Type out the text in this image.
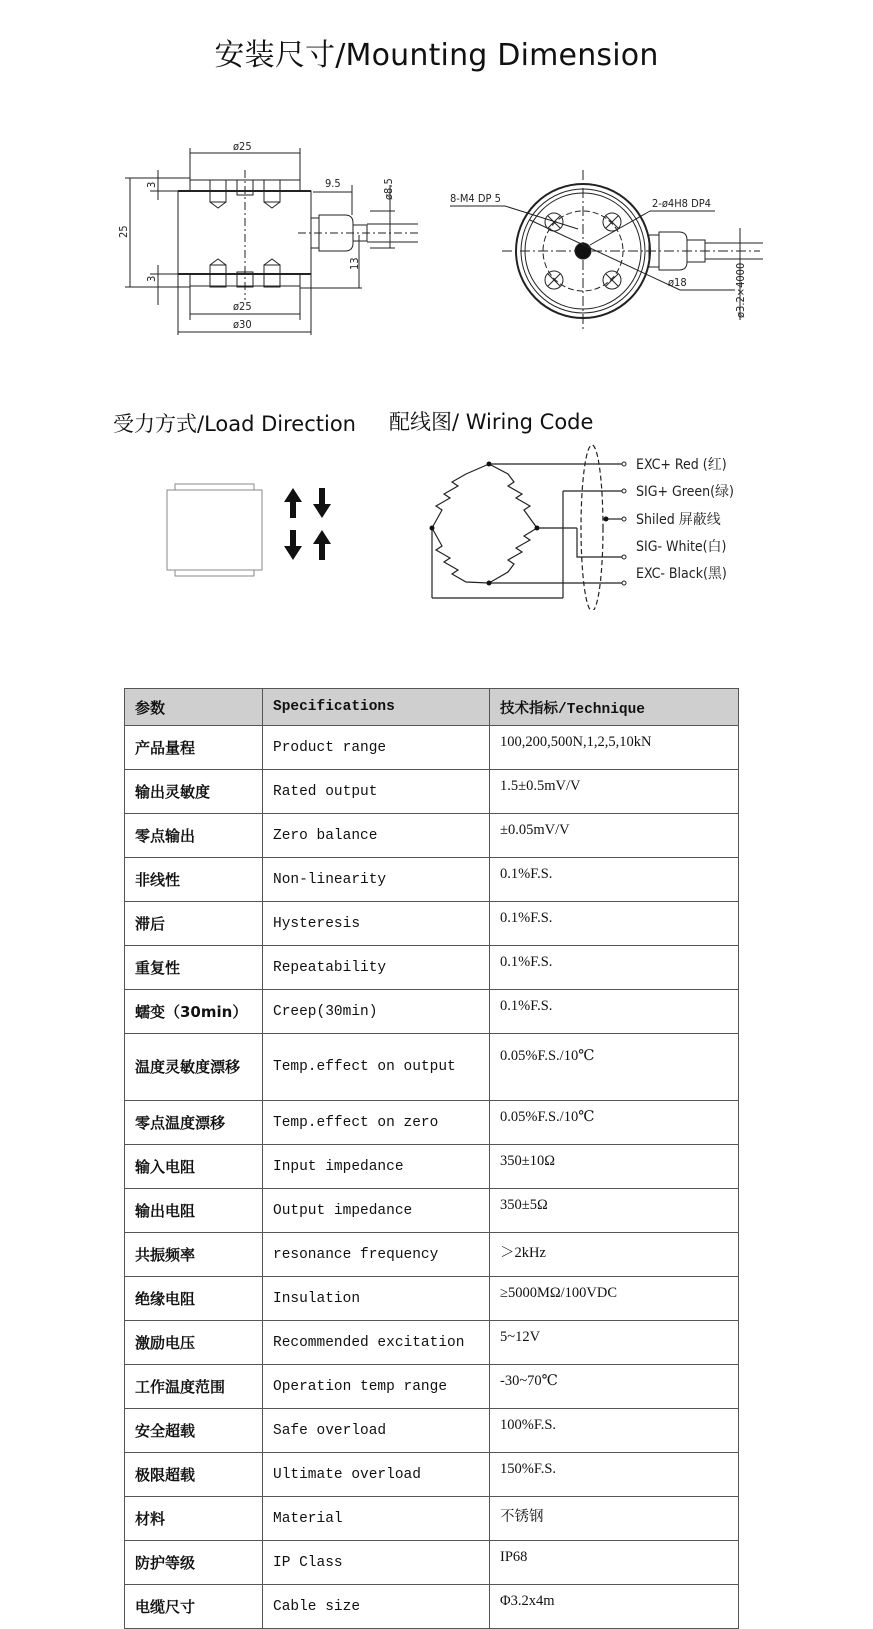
安装尺寸/Mounting Dimension
ø25
ø25
ø30
9.5	ø8.5
13
25
3
3
8-M4 DP 5	2-ø4H8 DP4
ø18	ø3.2×4000
受力方式/Load Direction 配线图/ Wiring Code
EXC+ Red (红)
SIG+ Green(绿)
Shiled 屏蔽线
SIG- White(白)
EXC- Black(黑)
参数	Specifications	技术指标/Technique
产品量程	Product range	100,200,500N,1,2,5,10kN
输出灵敏度	Rated output	1.5±0.5mV/V
零点输出	Zero balance	±0.05mV/V
非线性	Non-linearity	0.1%F.S.
滞后	Hysteresis	0.1%F.S.
重复性	Repeatability	0.1%F.S.
蠕变（30min）	Creep(30min)	0.1%F.S.
温度灵敏度漂移	Temp.effect on output	0.05%F.S./10℃
零点温度漂移	Temp.effect on zero	0.05%F.S./10℃
输入电阻	Input impedance	350±10Ω
输出电阻	Output impedance	350±5Ω
共振频率	resonance frequency	＞2kHz
绝缘电阻	Insulation	≥5000MΩ/100VDC
激励电压	Recommended excitation	5~12V
工作温度范围	Operation temp range	-30~70℃
安全超载	Safe overload	100%F.S.
极限超载	Ultimate overload	150%F.S.
材料	Material	不锈钢
防护等级	IP Class	IP68
电缆尺寸	Cable size	Φ3.2x4m
